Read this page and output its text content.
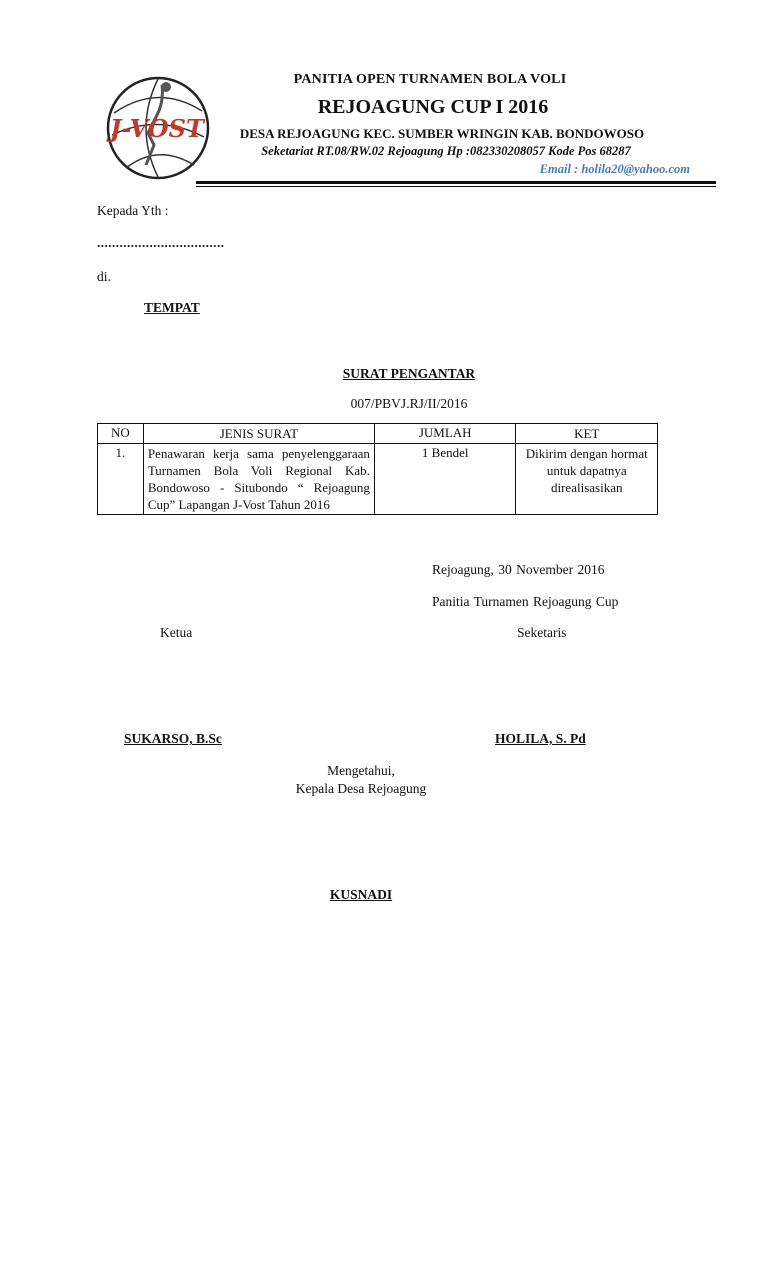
J-VOST
PANITIA OPEN TURNAMEN BOLA VOLI
REJOAGUNG CUP I 2016
DESA REJOAGUNG KEC. SUMBER WRINGIN KAB. BONDOWOSO
Seketariat RT.08/RW.02 Rejoagung Hp :082330208057 Kode Pos 68287
Email : holila20@yahoo.com
Kepada Yth :
..................................
di.
TEMPAT
SURAT PENGANTAR
007/PBVJ.RJ/II/2016
NO	JENIS SURAT	JUMLAH	KET
1.	Penawaran kerja sama penyelenggaraan Turnamen Bola Voli Regional Kab. Bondowoso - Situbondo “ Rejoagung Cup” Lapangan J-Vost Tahun 2016	1 Bendel	Dikirim dengan hormat untuk dapatnya direalisasikan
Rejoagung, 30 November 2016
Panitia Turnamen Rejoagung Cup
Ketua	Seketaris
SUKARSO, B.Sc	HOLILA, S. Pd
Mengetahui,
Kepala Desa Rejoagung
KUSNADI
